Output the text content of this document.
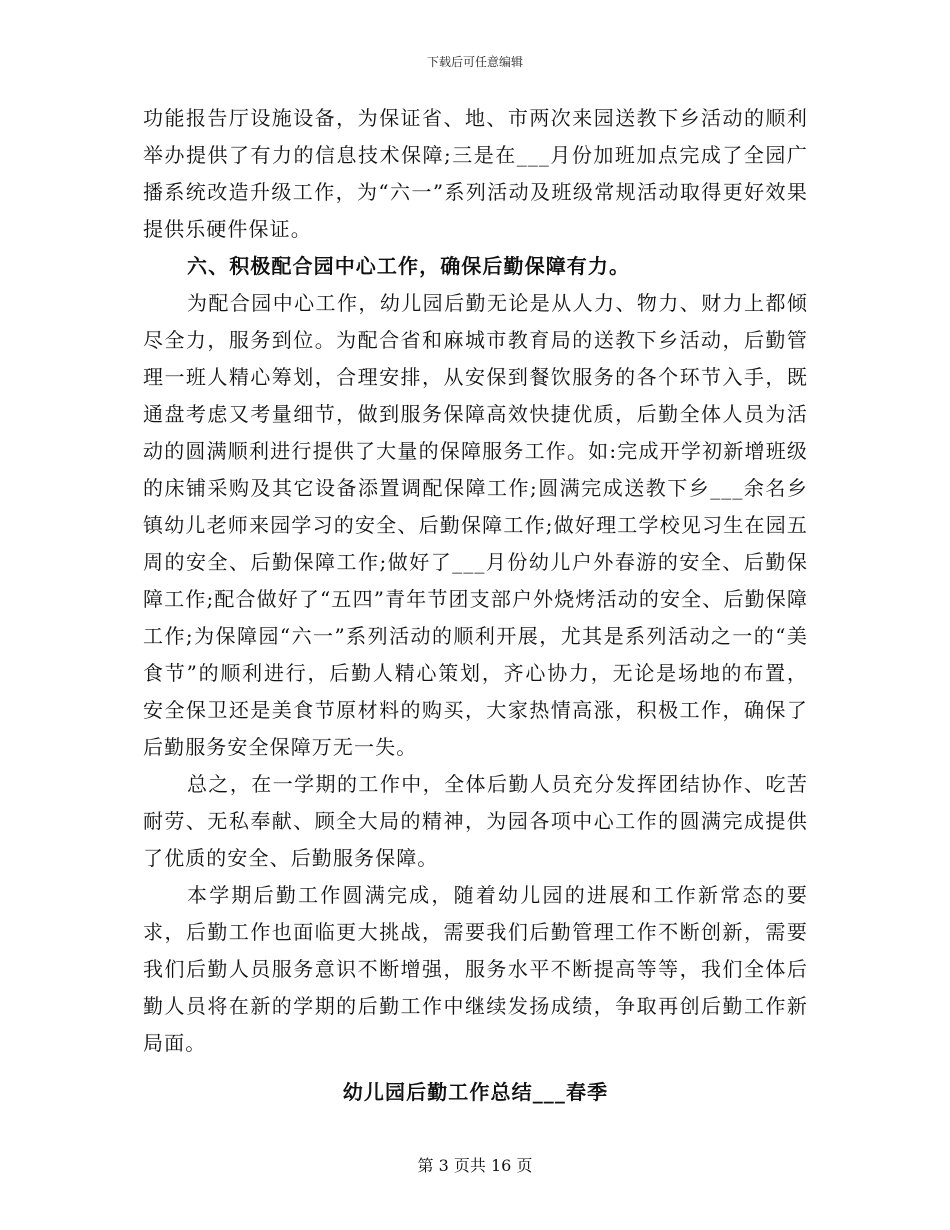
下载后可任意编辑

功能报告厅设施设备，为保证省、地、市两次来园送教下乡活动的顺利举办提供了有力的信息技术保障;三是在___月份加班加点完成了全园广播系统改造升级工作，为“六一”系列活动及班级常规活动取得更好效果提供乐硬件保证。

六、积极配合园中心工作，确保后勤保障有力。

为配合园中心工作，幼儿园后勤无论是从人力、物力、财力上都倾尽全力，服务到位。为配合省和麻城市教育局的送教下乡活动，后勤管理一班人精心筹划，合理安排，从安保到餐饮服务的各个环节入手，既通盘考虑又考量细节，做到服务保障高效快捷优质，后勤全体人员为活动的圆满顺利进行提供了大量的保障服务工作。如:完成开学初新增班级的床铺采购及其它设备添置调配保障工作;圆满完成送教下乡___余名乡镇幼儿老师来园学习的安全、后勤保障工作;做好理工学校见习生在园五周的安全、后勤保障工作;做好了___月份幼儿户外春游的安全、后勤保障工作;配合做好了“五四”青年节团支部户外烧烤活动的安全、后勤保障工作;为保障园“六一”系列活动的顺利开展，尤其是系列活动之一的“美食节”的顺利进行，后勤人精心策划，齐心协力，无论是场地的布置，安全保卫还是美食节原材料的购买，大家热情高涨，积极工作，确保了后勤服务安全保障万无一失。

总之，在一学期的工作中，全体后勤人员充分发挥团结协作、吃苦耐劳、无私奉献、顾全大局的精神，为园各项中心工作的圆满完成提供了优质的安全、后勤服务保障。

本学期后勤工作圆满完成，随着幼儿园的进展和工作新常态的要求，后勤工作也面临更大挑战，需要我们后勤管理工作不断创新，需要我们后勤人员服务意识不断增强，服务水平不断提高等等，我们全体后勤人员将在新的学期的后勤工作中继续发扬成绩，争取再创后勤工作新局面。

幼儿园后勤工作总结___春季

第 3 页共 16 页
